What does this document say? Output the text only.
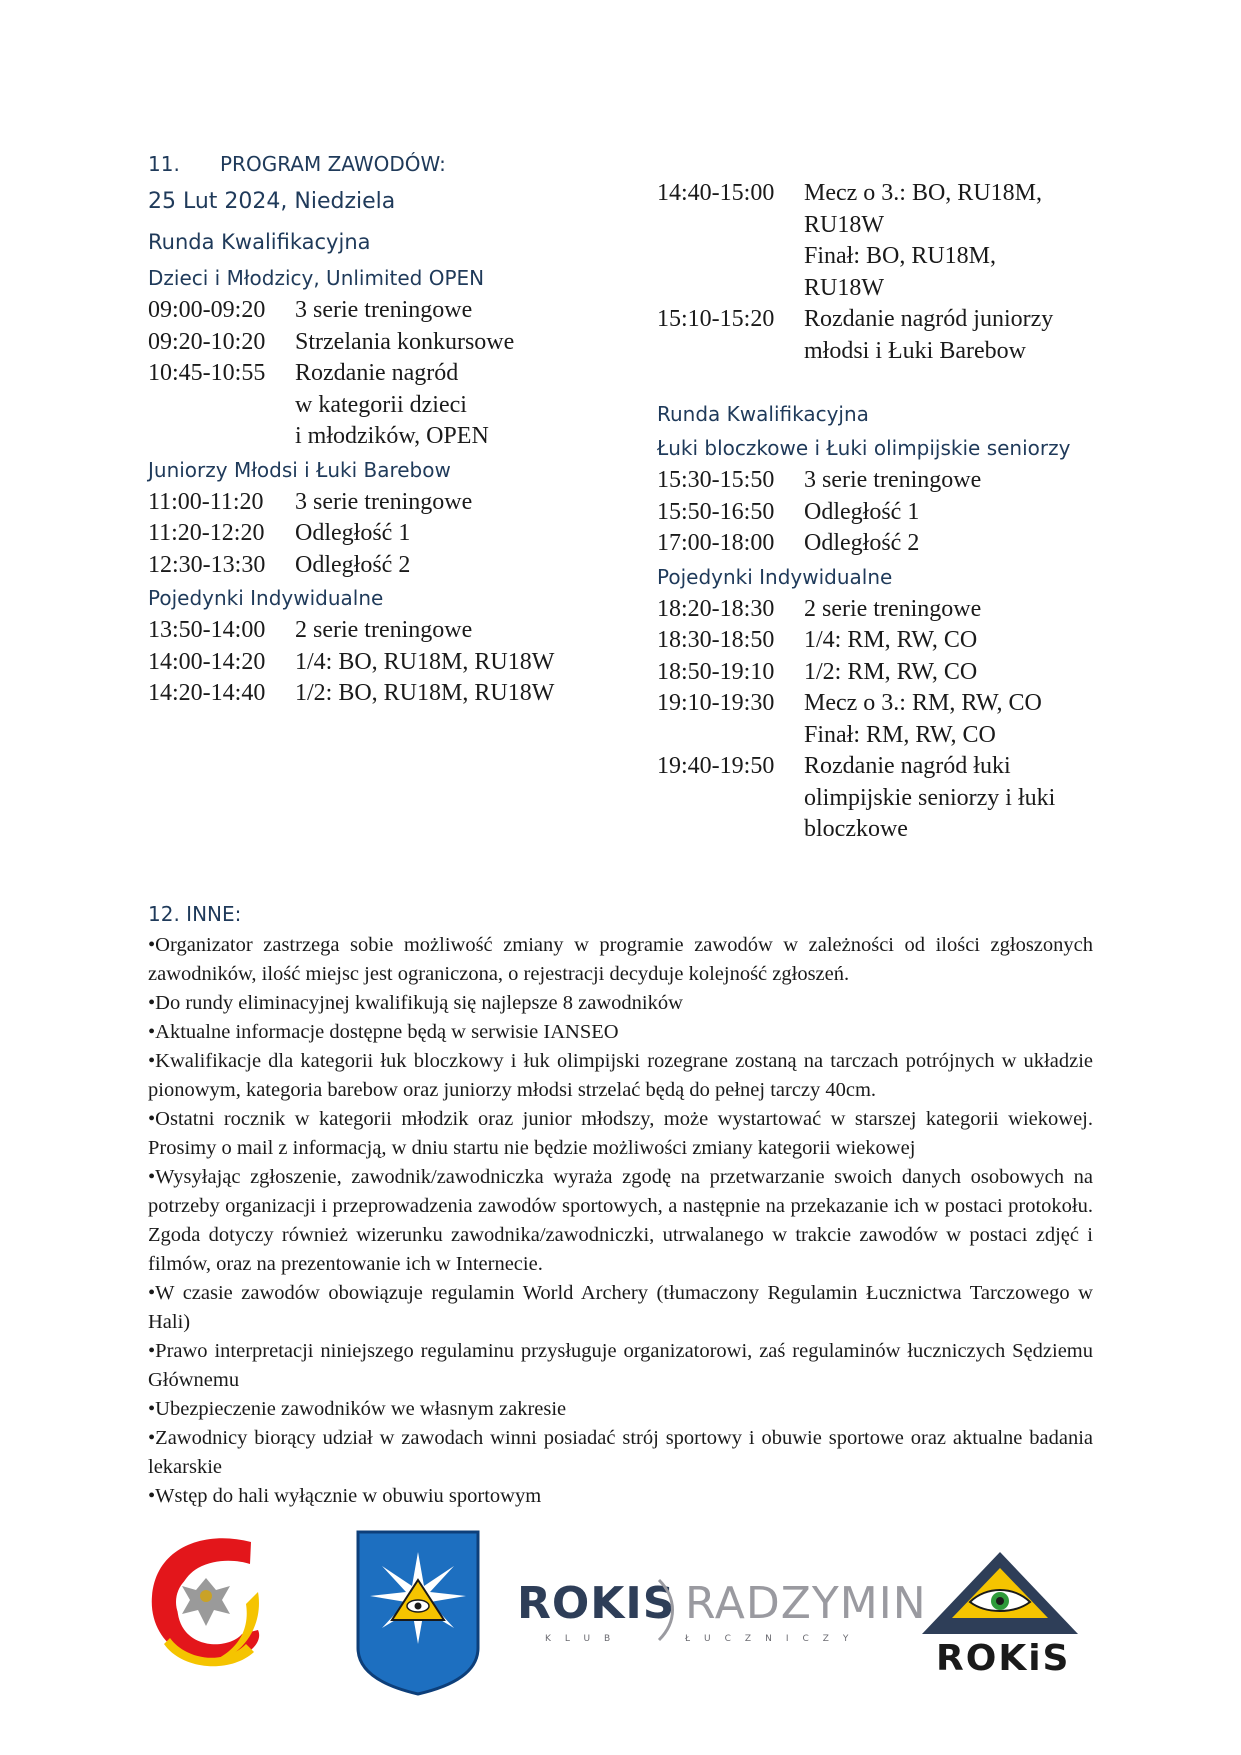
11. PROGRAM ZAWODÓW:
25 Lut 2024, Niedziela
Runda Kwalifikacyjna
Dzieci i Młodzicy, Unlimited OPEN
09:00-09:20	3 serie treningowe
09:20-10:20	Strzelania konkursowe
10:45-10:55	Rozdanie nagród
w kategorii dzieci
i młodzików, OPEN
Juniorzy Młodsi i Łuki Barebow
11:00-11:20	3 serie treningowe
11:20-12:20	Odległość 1
12:30-13:30	Odległość 2
Pojedynki Indywidualne
13:50-14:00	2 serie treningowe
14:00-14:20	1/4: BO, RU18M, RU18W
14:20-14:40	1/2: BO, RU18M, RU18W
14:40-15:00	Mecz o 3.: BO, RU18M,
RU18W
Finał: BO, RU18M,
RU18W
15:10-15:20	Rozdanie nagród juniorzy
młodsi i Łuki Barebow
Runda Kwalifikacyjna
Łuki bloczkowe i Łuki olimpijskie seniorzy
15:30-15:50	3 serie treningowe
15:50-16:50	Odległość 1
17:00-18:00	Odległość 2
Pojedynki Indywidualne
18:20-18:30	2 serie treningowe
18:30-18:50	1/4: RM, RW, CO
18:50-19:10	1/2: RM, RW, CO
19:10-19:30	Mecz o 3.: RM, RW, CO
Finał: RM, RW, CO
19:40-19:50	Rozdanie nagród łuki
olimpijskie seniorzy i łuki
bloczkowe
12. INNE:

•Organizator zastrzega sobie możliwość zmiany w programie zawodów w zależności od ilości zgłoszonych zawodników, ilość miejsc jest ograniczona, o rejestracji decyduje kolejność zgłoszeń.

•Do rundy eliminacyjnej kwalifikują się najlepsze 8 zawodników

•Aktualne informacje dostępne będą w serwisie IANSEO

•Kwalifikacje dla kategorii łuk bloczkowy i łuk olimpijski rozegrane zostaną na tarczach potrójnych w układzie pionowym, kategoria barebow oraz juniorzy młodsi strzelać będą do pełnej tarczy 40cm.

•Ostatni rocznik w kategorii młodzik oraz junior młodszy, może wystartować w starszej kategorii wiekowej. Prosimy o mail z informacją, w dniu startu nie będzie możliwości zmiany kategorii wiekowej

•Wysyłając zgłoszenie, zawodnik/zawodniczka wyraża zgodę na przetwarzanie swoich danych osobowych na potrzeby organizacji i przeprowadzenia zawodów sportowych, a następnie na przekazanie ich w postaci protokołu. Zgoda dotyczy również wizerunku zawodnika/zawodniczki, utrwalanego w trakcie zawodów w postaci zdjęć i filmów, oraz na prezentowanie ich w Internecie.

•W czasie zawodów obowiązuje regulamin World Archery (tłumaczony Regulamin Łucznictwa Tarczowego w Hali)

•Prawo interpretacji niniejszego regulaminu przysługuje organizatorowi, zaś regulaminów łuczniczych Sędziemu Głównemu

•Ubezpieczenie zawodników we własnym zakresie

•Zawodnicy biorący udział w zawodach winni posiadać strój sportowy i obuwie sportowe oraz aktualne badania lekarskie

•Wstęp do hali wyłącznie w obuwiu sportowym

ROKIS RADZYMIN
KLUB	ŁUCZNICZY ROKiS
